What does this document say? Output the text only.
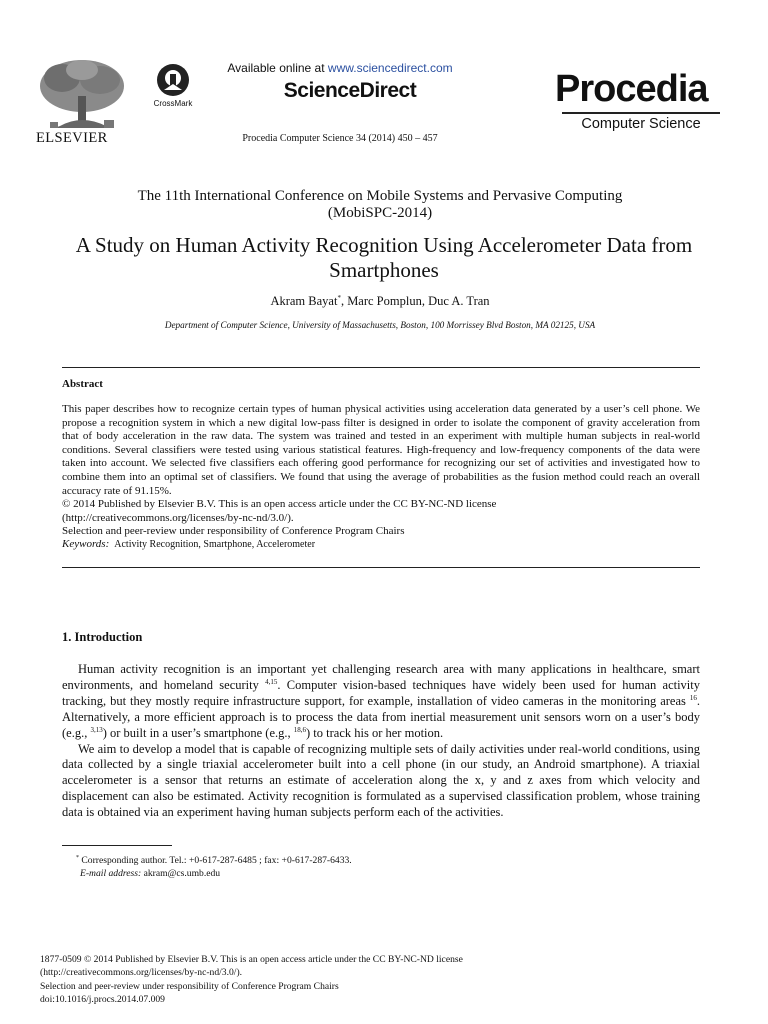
ELSEVIER
CrossMark
Available online at www.sciencedirect.com
ScienceDirect
Procedia Computer Science 34 (2014) 450 – 457
Procedia
Computer Science
The 11th International Conference on Mobile Systems and Pervasive Computing
(MobiSPC-2014)
A Study on Human Activity Recognition Using Accelerometer Data from Smartphones
Akram Bayat*, Marc Pomplun, Duc A. Tran
Department of Computer Science, University of Massachusetts, Boston, 100 Morrissey Blvd Boston, MA 02125, USA
Abstract

This paper describes how to recognize certain types of human physical activities using acceleration data generated by a user’s cell phone. We propose a recognition system in which a new digital low-pass filter is designed in order to isolate the component of gravity acceleration from that of body acceleration in the raw data. The system was trained and tested in an experiment with multiple human subjects in real-world conditions. Several classifiers were tested using various statistical features. High-frequency and low-frequency components of the data were taken into account. We selected five classifiers each offering good performance for recognizing our set of activities and investigated how to combine them into an optimal set of classifiers. We found that using the average of probabilities as the fusion method could reach an overall accuracy rate of 91.15%.

© 2014 Published by Elsevier B.V. This is an open access article under the CC BY-NC-ND license

(http://creativecommons.org/licenses/by-nc-nd/3.0/).

Selection and peer-review under responsibility of Conference Program Chairs

Keywords: Activity Recognition, Smartphone, Accelerometer

1. Introduction

Human activity recognition is an important yet challenging research area with many applications in healthcare, smart environments, and homeland security $^{4,15}$. Computer vision-based techniques have widely been used for human activity tracking, but they mostly require infrastructure support, for example, installation of video cameras in the monitoring areas $^{16}$. Alternatively, a more efficient approach is to process the data from inertial measurement unit sensors worn on a user’s body (e.g., $^{3,13}$) or built in a user’s smartphone (e.g., $^{18,6}$) to track his or her motion.

We aim to develop a model that is capable of recognizing multiple sets of daily activities under real-world conditions, using data collected by a single triaxial accelerometer built into a cell phone (in our study, an Android smartphone). A triaxial accelerometer is a sensor that returns an estimate of acceleration along the x, y and z axes from which velocity and displacement can also be estimated. Activity recognition is formulated as a supervised classification problem, whose training data is obtained via an experiment having human subjects perform each of the activities.

* Corresponding author. Tel.: +0-617-287-6485 ; fax: +0-617-287-6433.
E-mail address: akram@cs.umb.edu
1877-0509 © 2014 Published by Elsevier B.V. This is an open access article under the CC BY-NC-ND license
(http://creativecommons.org/licenses/by-nc-nd/3.0/).
Selection and peer-review under responsibility of Conference Program Chairs
doi:10.1016/j.procs.2014.07.009
